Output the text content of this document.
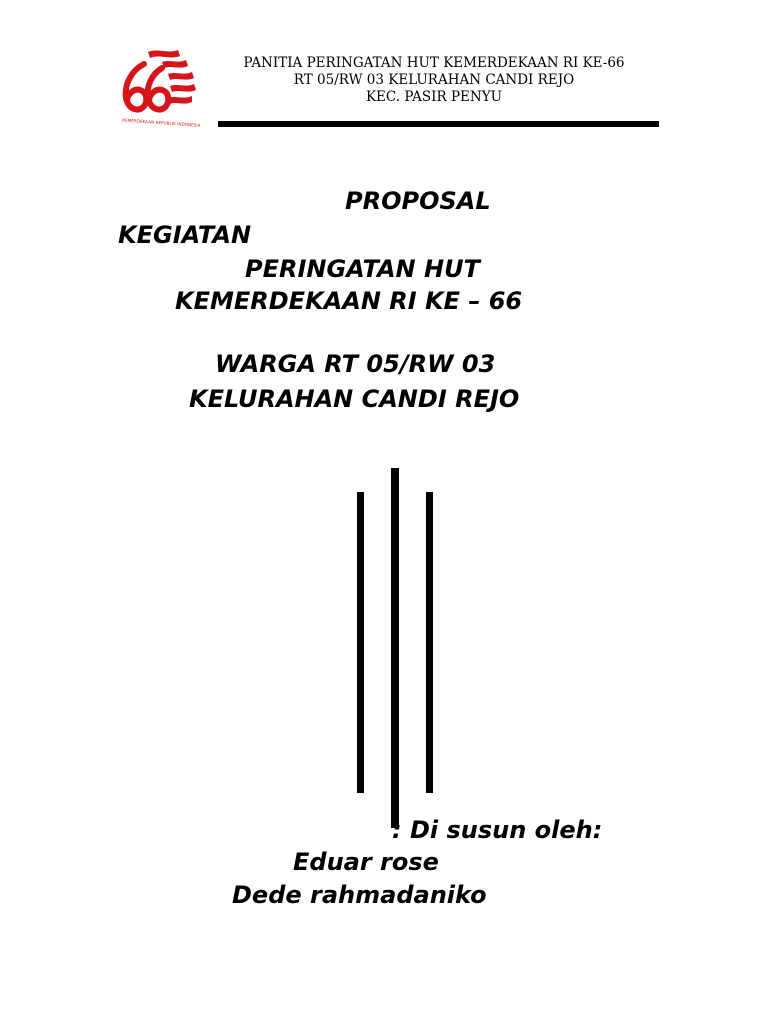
KEMERDEKAAN REPUBLIK INDONESIA
PANITIA PERINGATAN HUT KEMERDEKAAN RI KE-66
RT 05/RW 03 KELURAHAN CANDI REJO
KEC. PASIR PENYU
PROPOSAL
KEGIATAN
PERINGATAN HUT
KEMERDEKAAN RI KE – 66
WARGA RT 05/RW 03
KELURAHAN CANDI REJO
: Di susun oleh:
Eduar rose
Dede rahmadaniko
